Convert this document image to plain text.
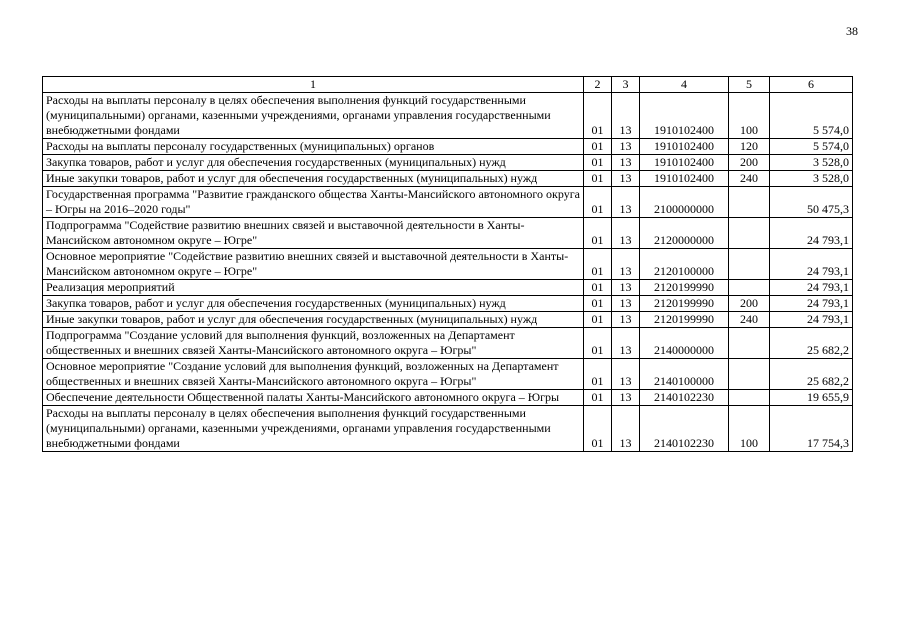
38
1	2	3	4	5	6
Расходы на выплаты персоналу в целях обеспечения выполнения функций государственными (муниципальными) органами, казенными учреждениями, органами управления государственными внебюджетными фондами	01	13	1910102400	100	5 574,0
Расходы на выплаты персоналу государственных (муниципальных) органов	01	13	1910102400	120	5 574,0
Закупка товаров, работ и услуг для обеспечения государственных (муниципальных) нужд	01	13	1910102400	200	3 528,0
Иные закупки товаров, работ и услуг для обеспечения государственных (муниципальных) нужд	01	13	1910102400	240	3 528,0
Государственная программа "Развитие гражданского общества Ханты-Мансийского автономного округа – Югры на 2016–2020 годы"	01	13	2100000000		50 475,3
Подпрограмма "Содействие развитию внешних связей и выставочной деятельности в Ханты-Мансийском автономном округе – Югре"	01	13	2120000000		24 793,1
Основное мероприятие "Содействие развитию внешних связей и выставочной деятельности в Ханты-Мансийском автономном округе – Югре"	01	13	2120100000		24 793,1
Реализация мероприятий	01	13	2120199990		24 793,1
Закупка товаров, работ и услуг для обеспечения государственных (муниципальных) нужд	01	13	2120199990	200	24 793,1
Иные закупки товаров, работ и услуг для обеспечения государственных (муниципальных) нужд	01	13	2120199990	240	24 793,1
Подпрограмма "Создание условий для выполнения функций, возложенных на Департамент общественных и внешних связей Ханты-Мансийского автономного округа – Югры"	01	13	2140000000		25 682,2
Основное мероприятие "Создание условий для выполнения функций, возложенных на Департамент общественных и внешних связей Ханты-Мансийского автономного округа – Югры"	01	13	2140100000		25 682,2
Обеспечение деятельности Общественной палаты Ханты-Мансийского автономного округа – Югры	01	13	2140102230		19 655,9
Расходы на выплаты персоналу в целях обеспечения выполнения функций государственными (муниципальными) органами, казенными учреждениями, органами управления государственными внебюджетными фондами	01	13	2140102230	100	17 754,3
